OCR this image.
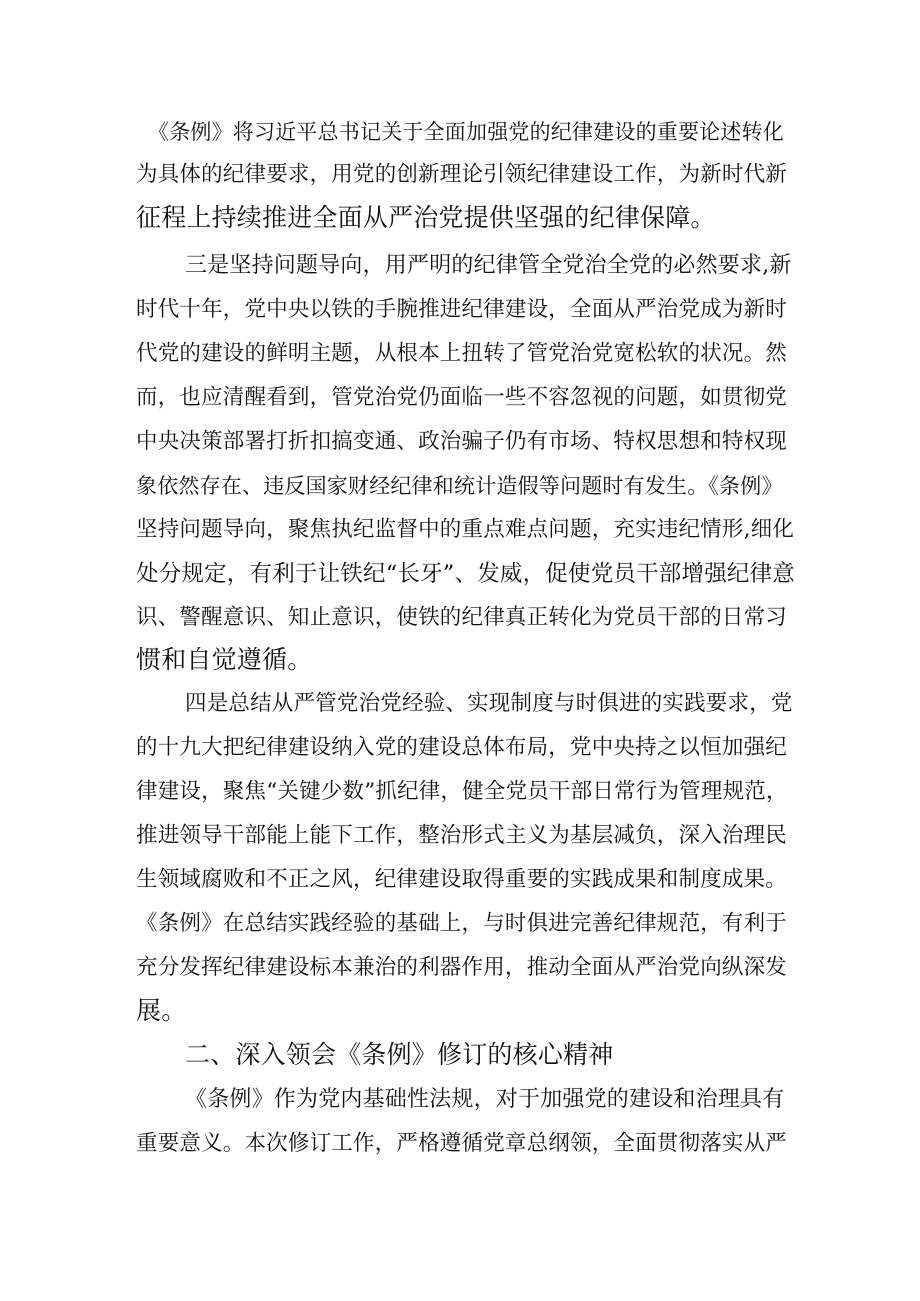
《条例》将习近平总书记关于全面加强党的纪律建设的重要论述转化
为具体的纪律要求，用党的创新理论引领纪律建设工作，为新时代新
征程上持续推进全面从严治党提供坚强的纪律保障。
三是坚持问题导向，用严明的纪律管全党治全党的必然要求,新
时代十年，党中央以铁的手腕推进纪律建设，全面从严治党成为新时
代党的建设的鲜明主题，从根本上扭转了管党治党宽松软的状况。然
而，也应清醒看到，管党治党仍面临一些不容忽视的问题，如贯彻党
中央决策部署打折扣搞变通、政治骗子仍有市场、特权思想和特权现
象依然存在、违反国家财经纪律和统计造假等问题时有发生。《条例》
坚持问题导向，聚焦执纪监督中的重点难点问题，充实违纪情形,细化
处分规定，有利于让铁纪“长牙”、发威，促使党员干部增强纪律意
识、警醒意识、知止意识，使铁的纪律真正转化为党员干部的日常习
惯和自觉遵循。
四是总结从严管党治党经验、实现制度与时俱进的实践要求，党
的十九大把纪律建设纳入党的建设总体布局，党中央持之以恒加强纪
律建设，聚焦“关键少数”抓纪律，健全党员干部日常行为管理规范，
推进领导干部能上能下工作，整治形式主义为基层减负，深入治理民
生领域腐败和不正之风，纪律建设取得重要的实践成果和制度成果。
《条例》在总结实践经验的基础上，与时俱进完善纪律规范，有利于
充分发挥纪律建设标本兼治的利器作用，推动全面从严治党向纵深发
展。
二、深入领会《条例》修订的核心精神
《条例》作为党内基础性法规，对于加强党的建设和治理具有
重要意义。本次修订工作，严格遵循党章总纲领，全面贯彻落实从严
